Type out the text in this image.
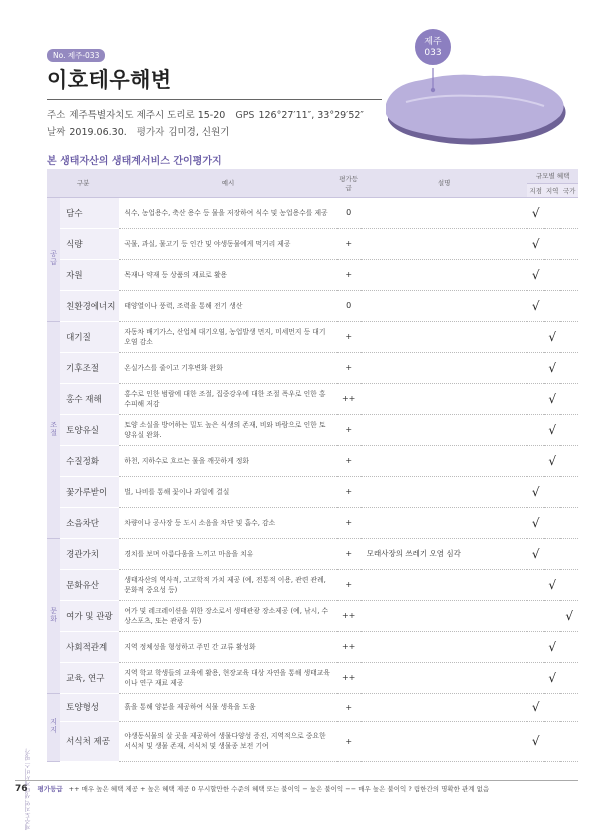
제주도지역 생태계서비스 평가
No. 제주-033
이호테우해변
주소 제주특별자치도 제주시 도리로 15-20 GPS 126°27′11″, 33°29′52″
날짜 2019.06.30. 평가자 김미경, 신원기
제주
033
본 생태자산의 생태계서비스 간이평가지
구분		예시	평가등급	설명	규모별 혜택		
					지점	지역	국가
공급	담수	식수, 농업용수, 축산 용수 등 물을 저장하여 식수 및 농업용수를 제공	0		√		
	식량	곡물, 과실, 물고기 등 인간 및 야생동물에게 먹거리 제공	+		√		
	자원	목재나 약재 등 상품의 재료로 활용	+		√		
	친환경에너지	태양열이나 풍력, 조력을 통해 전기 생산	0		√		
조절	대기질	자동차 배기가스, 산업체 대기오염, 농업발생 먼지, 미세먼지 등 대기오염 감소	+			√	
	기후조절	온실가스를 줄이고 기후변화 완화	+			√	
	홍수 재해	홍수로 인한 범람에 대한 조절, 집중강우에 대한 조절 폭우로 인한 홍수피해 저감	++			√	
	토양유실	토양 소실을 방어하는 밀도 높은 식생의 존재, 비와 바람으로 인한 토양유실 완화.	+			√	
	수질정화	하천, 지하수로 흐르는 물을 깨끗하게 정화	+			√	
	꽃가루받이	벌, 나비를 통해 꽃이나 과일에 결실	+		√		
	소음차단	차량이나 공사장 등 도시 소음을 차단 및 흡수, 감소	+		√		
문화	경관가치	경치를 보며 아름다움을 느끼고 마음을 치유	+	모래사장의 쓰레기 오염 심각	√		
	문화유산	생태자산의 역사적, 고고학적 가치 제공 (예, 전통적 이용, 관련 관례, 문화적 중요성 등)	+			√	
	여가 및 관광	여가 및 레크레이션을 위한 장소로서 생태관광 장소제공 (예, 낚시, 수상스포츠, 또는 관광지 등)	++				√
	사회적관계	지역 정체성을 형성하고 주민 간 교류 활성화	++			√	
	교육, 연구	지역 학교 학생들의 교육에 활용, 현장교육 대상 자연을 통해 생태교육이나 연구 재료 제공	++			√	
지지	토양형성	흙을 통해 양분을 제공하여 식물 생육을 도움	+		√		
	서식처 제공	야생동식물의 살 곳을 제공하여 생물다양성 증진, 지역적으로 중요한 서식처 및 생물 존재, 서식처 및 생물종 보전 기여	+		√		
76 평가등급 ++ 매우 높은 혜택 제공 + 높은 혜택 제공 0 무시할만한 수준의 혜택 또는 불이익 − 높은 불이익 −− 매우 높은 불이익 ? 림한간의 명확한 관계 없음
